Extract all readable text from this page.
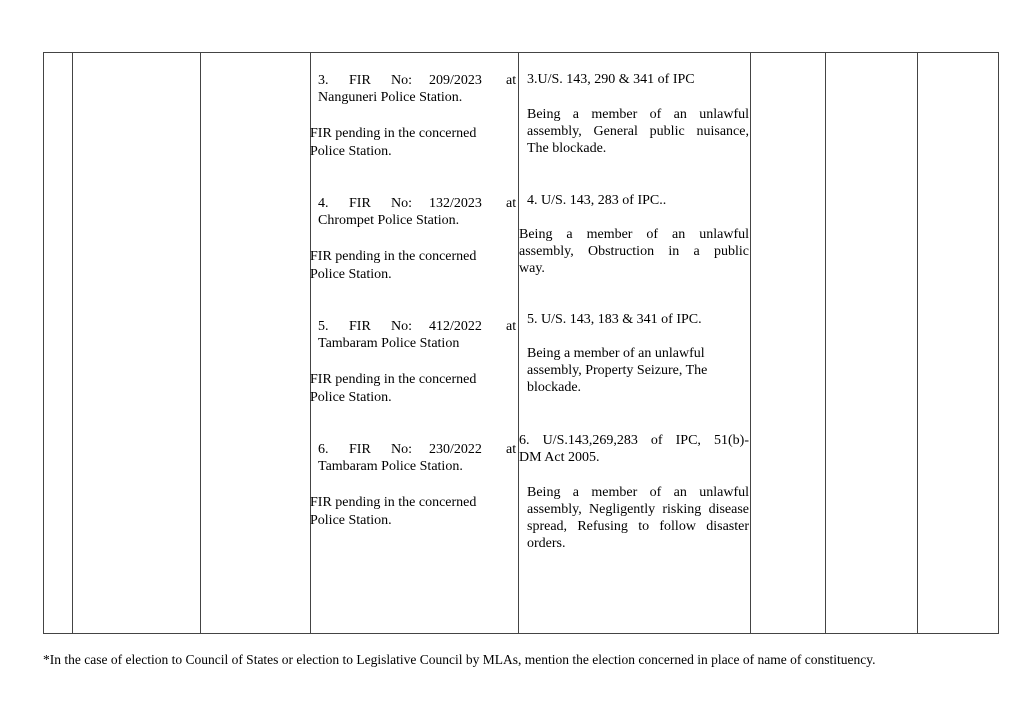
3. FIR No: 209/2023 at
Nanguneri Police Station.
FIR pending in the concerned
Police Station.
4. FIR No: 132/2023 at
Chrompet Police Station.
FIR pending in the concerned
Police Station.
5. FIR No: 412/2022 at
Tambaram Police Station
FIR pending in the concerned
Police Station.
6. FIR No: 230/2022 at
Tambaram Police Station.
FIR pending in the concerned
Police Station.
3.U/S. 143, 290 & 341 of IPC
Being a member of an unlawful
assembly, General public nuisance,
The blockade.
4. U/S. 143, 283 of IPC..
Being a member of an unlawful
assembly, Obstruction in a public
way.
5. U/S. 143, 183 & 341 of IPC.
Being a member of an unlawful
assembly, Property Seizure, The
blockade.
6. U/S.143,269,283 of IPC, 51(b)-
DM Act 2005.
Being a member of an unlawful
assembly, Negligently risking disease
spread, Refusing to follow disaster
orders.
*In the case of election to Council of States or election to Legislative Council by MLAs, mention the election concerned in place of name of constituency.
